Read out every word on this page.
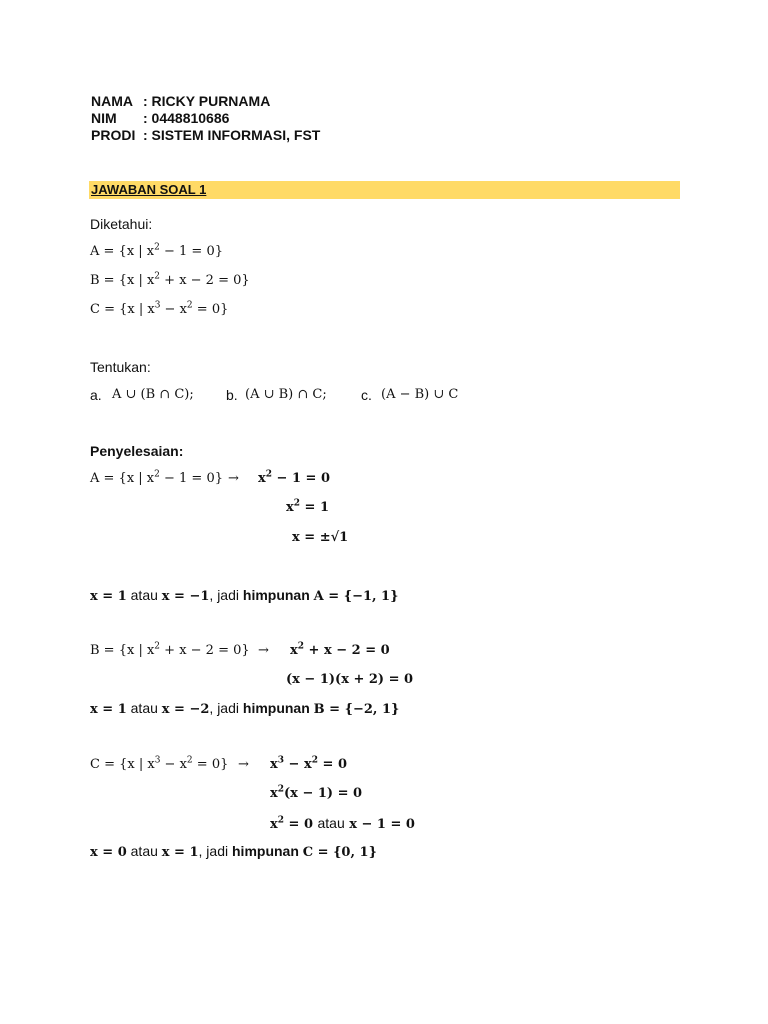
NAMA : RICKY PURNAMA
NIM : 0448810686
PRODI : SISTEM INFORMASI, FST
JAWABAN SOAL 1
Diketahui:
A = {x | $x^2 - 1 = 0$}
B = {x | $x^2 + x - 2 = 0$}
C = {x | $x^3 - x^2 = 0$}
Tentukan:
a. A ∪ (B ∩ C); b. (A ∪ B) ∩ C; c. (A − B) ∪ C
Penyelesaian:
A = {x | $x^2 - 1 = 0\} \to x^2 - 1 = 0$
$x^2 = 1$
x = ±√1
x = 1 atau x = −1, jadi himpunan A = {−1, 1}
B = {x | $x^2 + x - 2 = 0\} \to x^2 + x - 2 = 0$
(x − 1)(x + 2) = 0
x = 1 atau x = −2, jadi himpunan B = {−2, 1}
C = {x | $x^3 - x^2 = 0\} \to x^3 - x^2 = 0$
$x^2(x - 1) = 0$
$x^2 = 0$ atau x − 1 = 0
x = 0 atau x = 1, jadi himpunan C = {0, 1}
